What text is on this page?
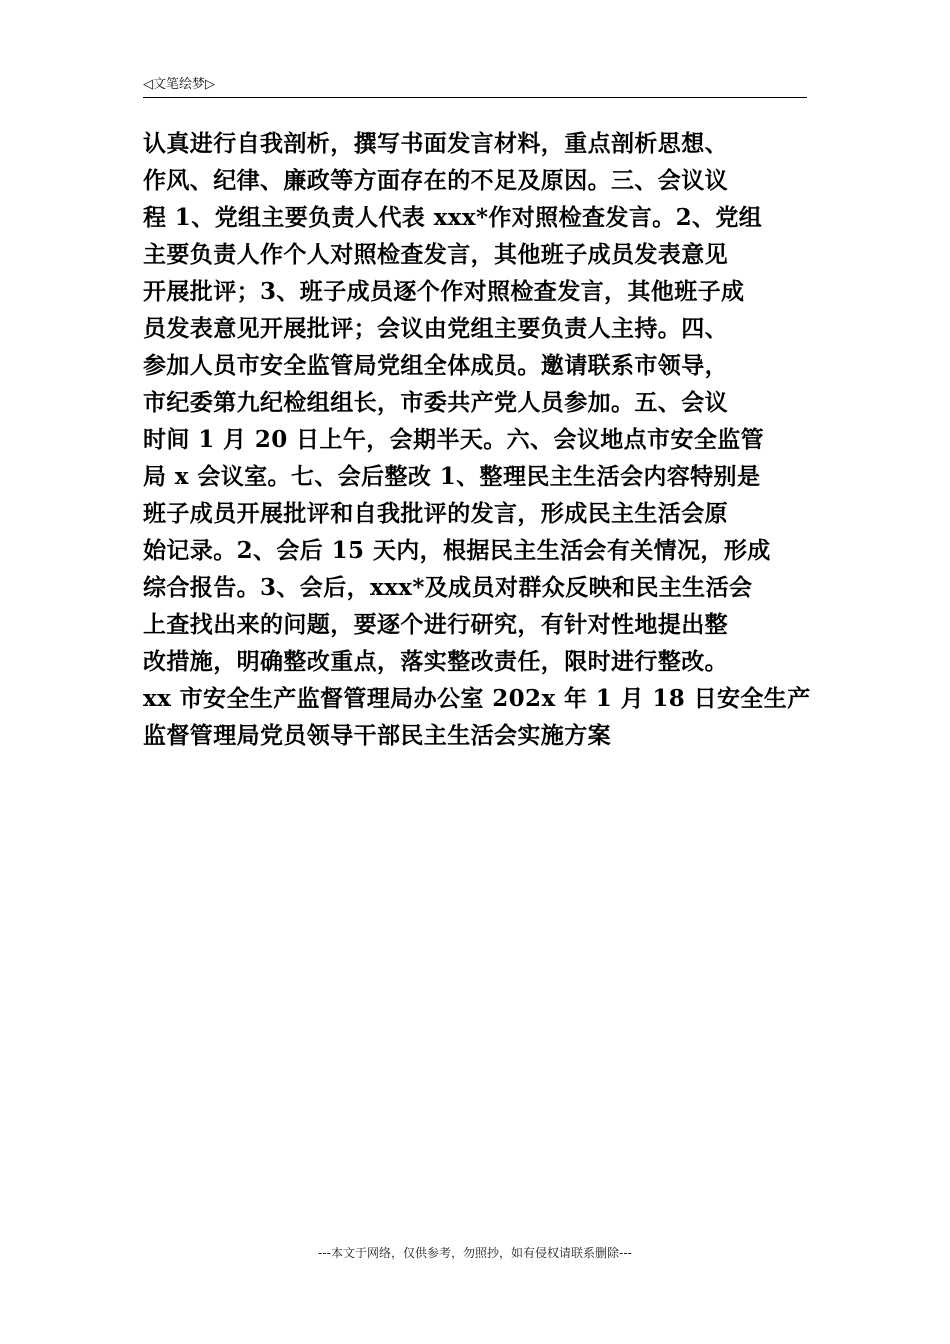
◁文笔绘梦▷
认真进行自我剖析，撰写书面发言材料，重点剖析思想、
作风、纪律、廉政等方面存在的不足及原因。三、会议议
程 1、党组主要负责人代表 xxx*作对照检查发言。2、党组
主要负责人作个人对照检查发言，其他班子成员发表意见
开展批评；3、班子成员逐个作对照检查发言，其他班子成
员发表意见开展批评；会议由党组主要负责人主持。四、
参加人员市安全监管局党组全体成员。邀请联系市领导，
市纪委第九纪检组组长，市委共产党人员参加。五、会议
时间 1 月 20 日上午，会期半天。六、会议地点市安全监管
局 x 会议室。七、会后整改 1、整理民主生活会内容特别是
班子成员开展批评和自我批评的发言，形成民主生活会原
始记录。2、会后 15 天内，根据民主生活会有关情况，形成
综合报告。3、会后，xxx*及成员对群众反映和民主生活会
上查找出来的问题，要逐个进行研究，有针对性地提出整
改措施，明确整改重点，落实整改责任，限时进行整改。
xx 市安全生产监督管理局办公室 202x 年 1 月 18 日安全生产
监督管理局党员领导干部民主生活会实施方案
---本文于网络，仅供参考，勿照抄，如有侵权请联系删除---
